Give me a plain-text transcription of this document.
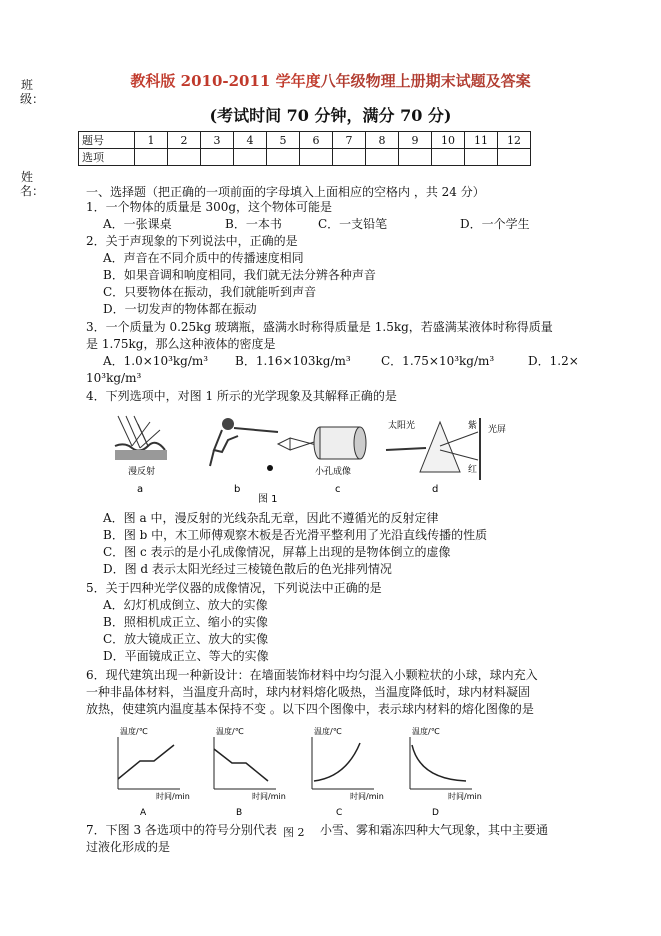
班级：
姓名：
教科版 2010-2011 学年度八年级物理上册期末试题及答案
(考试时间 70 分钟，满分 70 分)
题号	1	2	3	4	5	6	7	8	9	10	11	12
选项												
一、选择题（把正确的一项前面的字母填入上面相应的空格内 ，共 24 分）
1．一个物体的质量是 300g，这个物体可能是
A．一张课桌	B．一本书	C．一支铅笔	D．一个学生
2．关于声现象的下列说法中，正确的是
A．声音在不同介质中的传播速度相同
B．如果音调和响度相同，我们就无法分辨各种声音
C．只要物体在振动，我们就能听到声音
D．一切发声的物体都在振动
3．一个质量为 0.25kg 玻璃瓶，盛满水时称得质量是 1.5kg，若盛满某液体时称得质量
是 1.75kg，那么这种液体的密度是
A．1.0×10³kg/m³ B．1.16×103kg/m³	C．1.75×10³kg/m³	D．1.2×
10³kg/m³
4．下列选项中，对图 1 所示的光学现象及其解释正确的是
漫反射
a	b
小孔成像
c
太阳光	紫
红
光屏
d
图 1
A．图 a 中，漫反射的光线杂乱无章，因此不遵循光的反射定律
B．图 b 中，木工师傅观察木板是否光滑平整利用了光沿直线传播的性质
C．图 c 表示的是小孔成像情况，屏幕上出现的是物体倒立的虚像
D．图 d 表示太阳光经过三棱镜色散后的色光排列情况
5．关于四种光学仪器的成像情况，下列说法中正确的是
A．幻灯机成倒立、放大的实像
B．照相机成正立、缩小的实像
C．放大镜成正立、放大的实像
D．平面镜成正立、等大的实像
6．现代建筑出现一种新设计：在墙面装饰材料中均匀混入小颗粒状的小球，球内充入
一种非晶体材料，当温度升高时，球内材料熔化吸热，当温度降低时，球内材料凝固
放热，使建筑内温度基本保持不变 。以下四个图像中，表示球内材料的熔化图像的是
温度/℃
时间/min
A
温度/℃
时间/min
B
温度/℃
时间/min
C
温度/℃
时间/min
D
7．下图 3 各选项中的符号分别代表 图 2 小雪、雾和霜冻四种大气现象，其中主要通
过液化形成的是
